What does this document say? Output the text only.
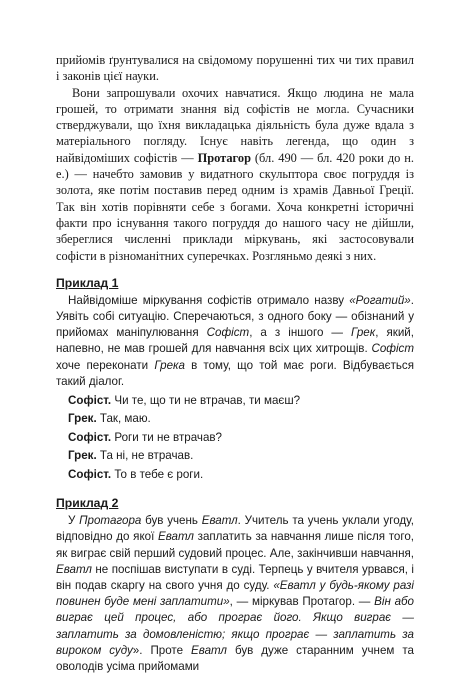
прийомів ґрунтувалися на свідомому порушенні тих чи тих правил і законів цієї науки.

Вони запрошували охочих навчатися. Якщо людина не мала грошей, то отримати знання від софістів не могла. Сучасники стверджували, що їхня викладацька діяльність була дуже вдала з матеріального погляду. Існує навіть легенда, що один з найвідоміших софістів — Протагор (бл. 490 — бл. 420 роки до н. е.) — начебто замовив у видатного скульптора своє погруддя із золота, яке потім поставив перед одним із храмів Давньої Греції. Так він хотів порівняти себе з богами. Хоча конкретні історичні факти про існування такого погруддя до нашого часу не дійшли, збереглися численні приклади міркувань, які застосовували софісти в різноманітних суперечках. Розгляньмо деякі з них.

Приклад 1

Найвідоміше міркування софістів отримало назву «Рогатий». Уявіть собі ситуацію. Сперечаються, з одного боку — обізнаний у прийомах маніпулювання Софіст, а з іншого — Грек, який, напевно, не мав грошей для навчання всіх цих хитрощів. Софіст хоче переконати Грека в тому, що той має роги. Відбувається такий діалог.

Софіст. Чи те, що ти не втрачав, ти маєш?

Грек. Так, маю.

Софіст. Роги ти не втрачав?

Грек. Та ні, не втрачав.

Софіст. То в тебе є роги.

Приклад 2

У Протагора був учень Еватл. Учитель та учень уклали угоду, відповідно до якої Еватл заплатить за навчання лише після того, як виграє свій перший судовий процес. Але, закінчивши навчання, Еватл не поспішав виступати в суді. Терпець у вчителя урвався, і він подав скаргу на свого учня до суду. «Еватл у будь-якому разі повинен буде мені заплатити», — міркував Протагор. — Він або виграє цей процес, або програє його. Якщо виграє — заплатить за домовленістю; якщо програє — заплатить за вироком суду». Проте Еватл був дуже старанним учнем та оволодів усіма прийомами
